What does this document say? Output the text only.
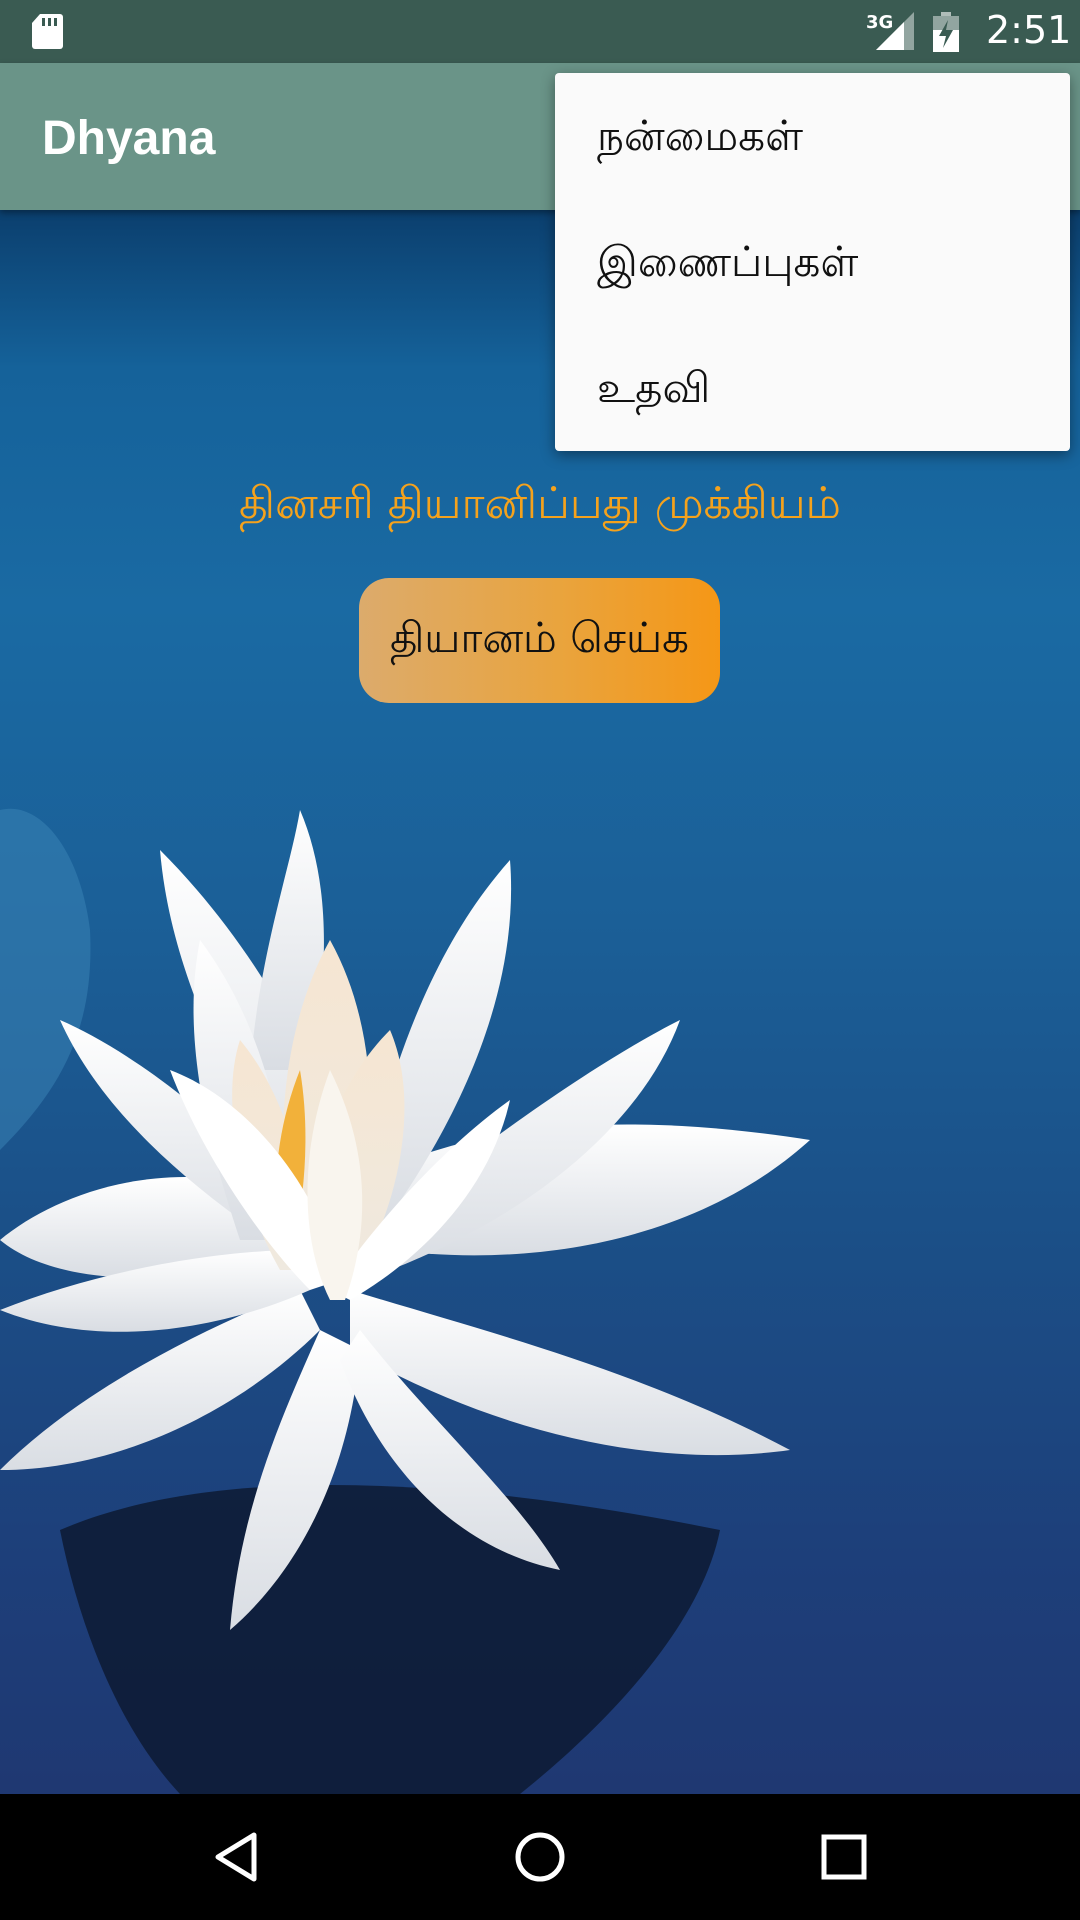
3G 2:51
Dhyana
தினசரி தியானிப்பது முக்கியம்
தியானம் செய்க
நன்மைகள்
இணைப்புகள்
உதவி
